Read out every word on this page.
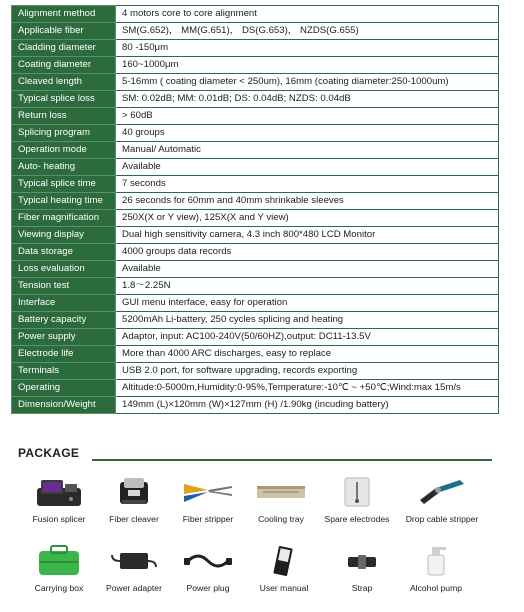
Alignment method	4 motors core to core alignment
Applicable fiber	SM(G.652)， MM(G.651)， DS(G.653)， NZDS(G.655)
Cladding diameter	80 -150μm
Coating diameter	160~1000μm
Cleaved length	5-16mm ( coating diameter < 250um), 16mm (coating diameter:250-1000um)
Typical splice loss	SM: 0.02dB; MM: 0.01dB; DS: 0.04dB; NZDS: 0.04dB
Return loss	> 60dB
Splicing program	40 groups
Operation mode	Manual/ Automatic
Auto- heating	Available
Typical splice time	7 seconds
Typical heating time	26 seconds for 60mm and 40mm shrinkable sleeves
Fiber magnification	250X(X or Y view), 125X(X and Y view)
Viewing display	Dual high sensitivity camera, 4.3 inch 800*480 LCD Monitor
Data storage	4000 groups data records
Loss evaluation	Available
Tension test	1.8～2.25N
Interface	GUI menu interface, easy for operation
Battery capacity	5200mAh Li-battery, 250 cycles splicing and heating
Power supply	Adaptor, input: AC100-240V(50/60HZ),output: DC11-13.5V
Electrode life	More than 4000 ARC discharges, easy to replace
Terminals	USB 2.0 port, for software upgrading, records exporting
Operating	Altitude:0-5000m,Humidity:0-95%,Temperature:-10℃ ~ +50℃;Wind:max 15m/s
Dimension/Weight	149mm (L)×120mm (W)×127mm (H) /1.90kg (incuding battery)
PACKAGE
Fusion splicer	Fiber cleaver	Fiber stripper	Cooling tray	Spare electrodes	Drop cable stripper
Carrying box	Power adapter	Power plug	User manual	Strap	Alcohol pump
